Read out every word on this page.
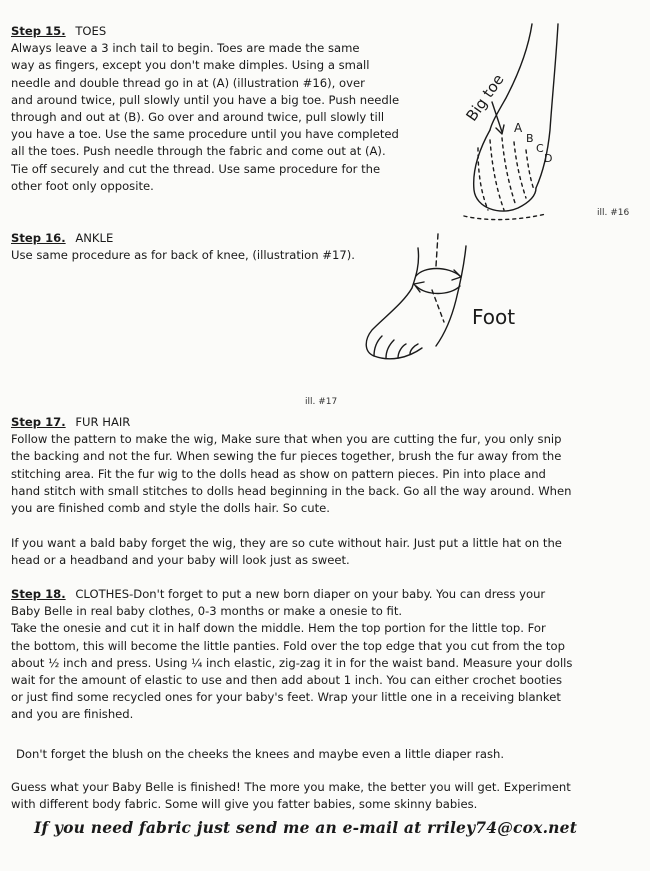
Step 15. TOES
Always leave a 3 inch tail to begin. Toes are made the same
way as fingers, except you don't make dimples. Using a small
needle and double thread go in at (A) (illustration #16), over
and around twice, pull slowly until you have a big toe. Push needle
through and out at (B). Go over and around twice, pull slowly till
you have a toe. Use the same procedure until you have completed
all the toes. Push needle through the fabric and come out at (A).
Tie off securely and cut the thread. Use same procedure for the
other foot only opposite.
Big toe
A
B
C
D
ill. #16
Step 16. ANKLE
Use same procedure as for back of knee, (illustration #17).
Foot
ill. #17
Step 17. FUR HAIR
Follow the pattern to make the wig, Make sure that when you are cutting the fur, you only snip
the backing and not the fur. When sewing the fur pieces together, brush the fur away from the
stitching area. Fit the fur wig to the dolls head as show on pattern pieces. Pin into place and
hand stitch with small stitches to dolls head beginning in the back. Go all the way around. When
you are finished comb and style the dolls hair. So cute.
If you want a bald baby forget the wig, they are so cute without hair. Just put a little hat on the
head or a headband and your baby will look just as sweet.
Step 18. CLOTHES-Don't forget to put a new born diaper on your baby. You can dress your
Baby Belle in real baby clothes, 0-3 months or make a onesie to fit.
Take the onesie and cut it in half down the middle. Hem the top portion for the little top. For
the bottom, this will become the little panties. Fold over the top edge that you cut from the top
about ½ inch and press. Using ¼ inch elastic, zig-zag it in for the waist band. Measure your dolls
wait for the amount of elastic to use and then add about 1 inch. You can either crochet booties
or just find some recycled ones for your baby's feet. Wrap your little one in a receiving blanket
and you are finished.
Don't forget the blush on the cheeks the knees and maybe even a little diaper rash.
Guess what your Baby Belle is finished! The more you make, the better you will get. Experiment
with different body fabric. Some will give you fatter babies, some skinny babies.
If you need fabric just send me an e-mail at rriley74@cox.net
